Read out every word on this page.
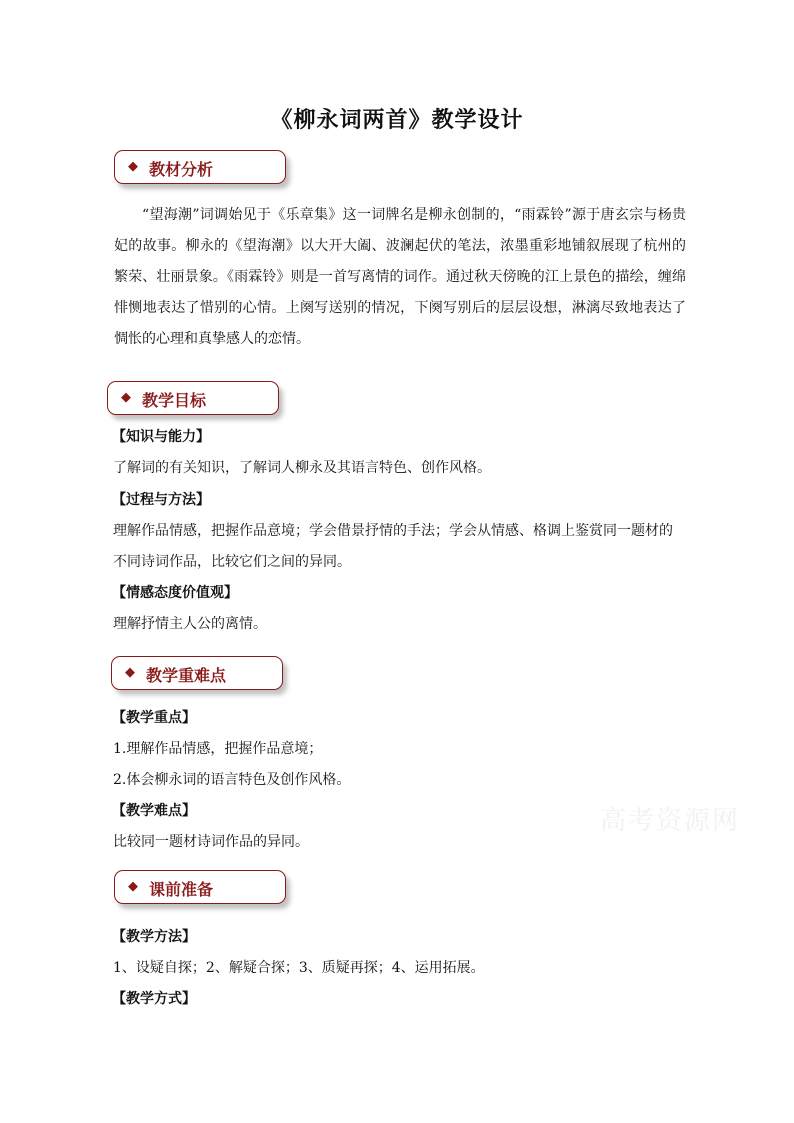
《柳永词两首》教学设计
◆ 教材分析
“望海潮”词调始见于《乐章集》这一词牌名是柳永创制的，“雨霖铃”源于唐玄宗与杨贵妃的故事。柳永的《望海潮》以大开大阖、波澜起伏的笔法，浓墨重彩地铺叙展现了杭州的繁荣、壮丽景象。《雨霖铃》则是一首写离情的词作。通过秋天傍晚的江上景色的描绘，缠绵悱恻地表达了惜别的心情。上阕写送别的情况，下阕写别后的层层设想，淋漓尽致地表达了惆怅的心理和真挚感人的恋情。
◆ 教学目标
【知识与能力】
了解词的有关知识，了解词人柳永及其语言特色、创作风格。
【过程与方法】
理解作品情感，把握作品意境；学会借景抒情的手法；学会从情感、格调上鉴赏同一题材的
不同诗词作品，比较它们之间的异同。
【情感态度价值观】
理解抒情主人公的离情。
◆ 教学重难点
【教学重点】
1.理解作品情感，把握作品意境；
2.体会柳永词的语言特色及创作风格。
【教学难点】
比较同一题材诗词作品的异同。
◆ 课前准备
【教学方法】
1、设疑自探；2、解疑合探；3、质疑再探；4、运用拓展。
【教学方式】
高考资源网
